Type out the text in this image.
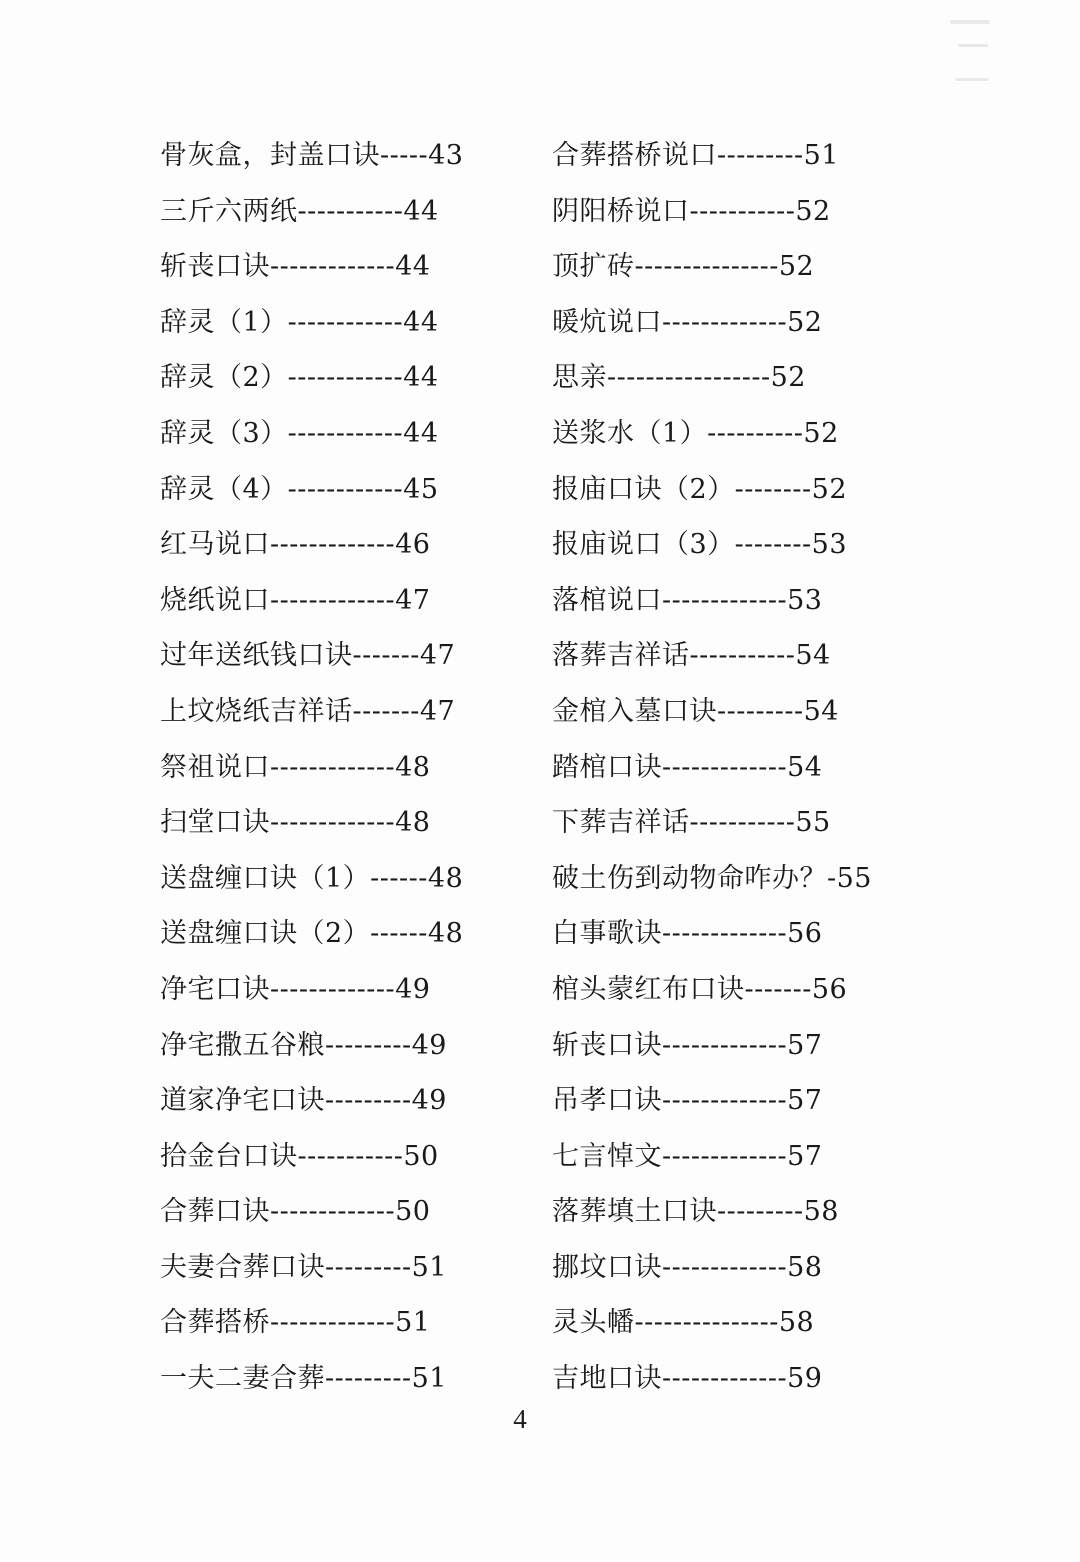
骨灰盒，封盖口诀-----43
三斤六两纸-----------44
斩丧口诀-------------44
辞灵（1）------------44
辞灵（2）------------44
辞灵（3）------------44
辞灵（4）------------45
红马说口-------------46
烧纸说口-------------47
过年送纸钱口诀-------47
上坟烧纸吉祥话-------47
祭祖说口-------------48
扫堂口诀-------------48
送盘缠口诀（1）------48
送盘缠口诀（2）------48
净宅口诀-------------49
净宅撒五谷粮---------49
道家净宅口诀---------49
拾金台口诀-----------50
合葬口诀-------------50
夫妻合葬口诀---------51
合葬搭桥-------------51
一夫二妻合葬---------51
合葬搭桥说口---------51
阴阳桥说口-----------52
顶扩砖---------------52
暖炕说口-------------52
思亲-----------------52
送浆水（1）----------52
报庙口诀（2）--------52
报庙说口（3）--------53
落棺说口-------------53
落葬吉祥话-----------54
金棺入墓口诀---------54
踏棺口诀-------------54
下葬吉祥话-----------55
破土伤到动物命咋办？-55
白事歌诀-------------56
棺头蒙红布口诀-------56
斩丧口诀-------------57
吊孝口诀-------------57
七言悼文-------------57
落葬填土口诀---------58
挪坟口诀-------------58
灵头幡---------------58
吉地口诀-------------59
4
